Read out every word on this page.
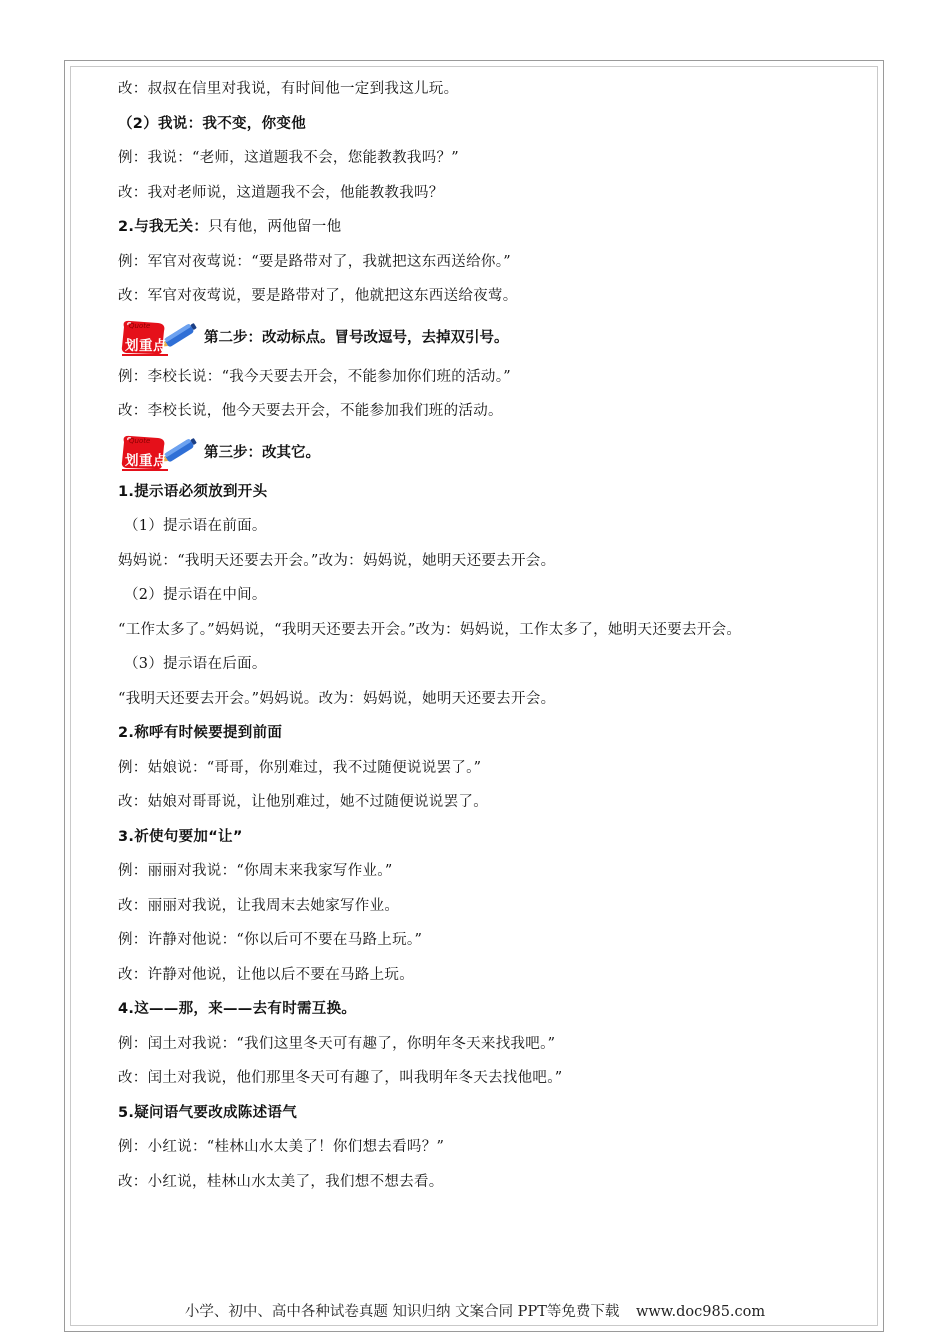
改：叔叔在信里对我说，有时间他一定到我这儿玩。
（2）我说：我不变，你变他
例：我说：“老师，这道题我不会，您能教教我吗？”
改：我对老师说，这道题我不会，他能教教我吗？
2.与我无关：只有他，两他留一他
例：军官对夜莺说：“要是路带对了，我就把这东西送给你。”
改：军官对夜莺说，要是路带对了，他就把这东西送给夜莺。
Quote
划重点	第二步：改动标点。冒号改逗号，去掉双引号。
例：李校长说：“我今天要去开会，不能参加你们班的活动。”
改：李校长说，他今天要去开会，不能参加我们班的活动。
Quote
划重点	第三步：改其它。
1.提示语必须放到开头
（1）提示语在前面。
妈妈说：“我明天还要去开会。”改为：妈妈说，她明天还要去开会。
（2）提示语在中间。
“工作太多了。”妈妈说，“我明天还要去开会。”改为：妈妈说，工作太多了，她明天还要去开会。
（3）提示语在后面。
“我明天还要去开会。”妈妈说。改为：妈妈说，她明天还要去开会。
2.称呼有时候要提到前面
例：姑娘说：“哥哥，你别难过，我不过随便说说罢了。”
改：姑娘对哥哥说，让他别难过，她不过随便说说罢了。
3.祈使句要加“让”
例：丽丽对我说：“你周末来我家写作业。”
改：丽丽对我说，让我周末去她家写作业。
例：许静对他说：“你以后可不要在马路上玩。”
改：许静对他说，让他以后不要在马路上玩。
4.这——那，来——去有时需互换。
例：闰土对我说：“我们这里冬天可有趣了，你明年冬天来找我吧。”
改：闰土对我说，他们那里冬天可有趣了，叫我明年冬天去找他吧。”
5.疑问语气要改成陈述语气
例：小红说：“桂林山水太美了！你们想去看吗？”
改：小红说，桂林山水太美了，我们想不想去看。
小学、初中、高中各种试卷真题 知识归纳 文案合同 PPT等免费下载 www.doc985.com
